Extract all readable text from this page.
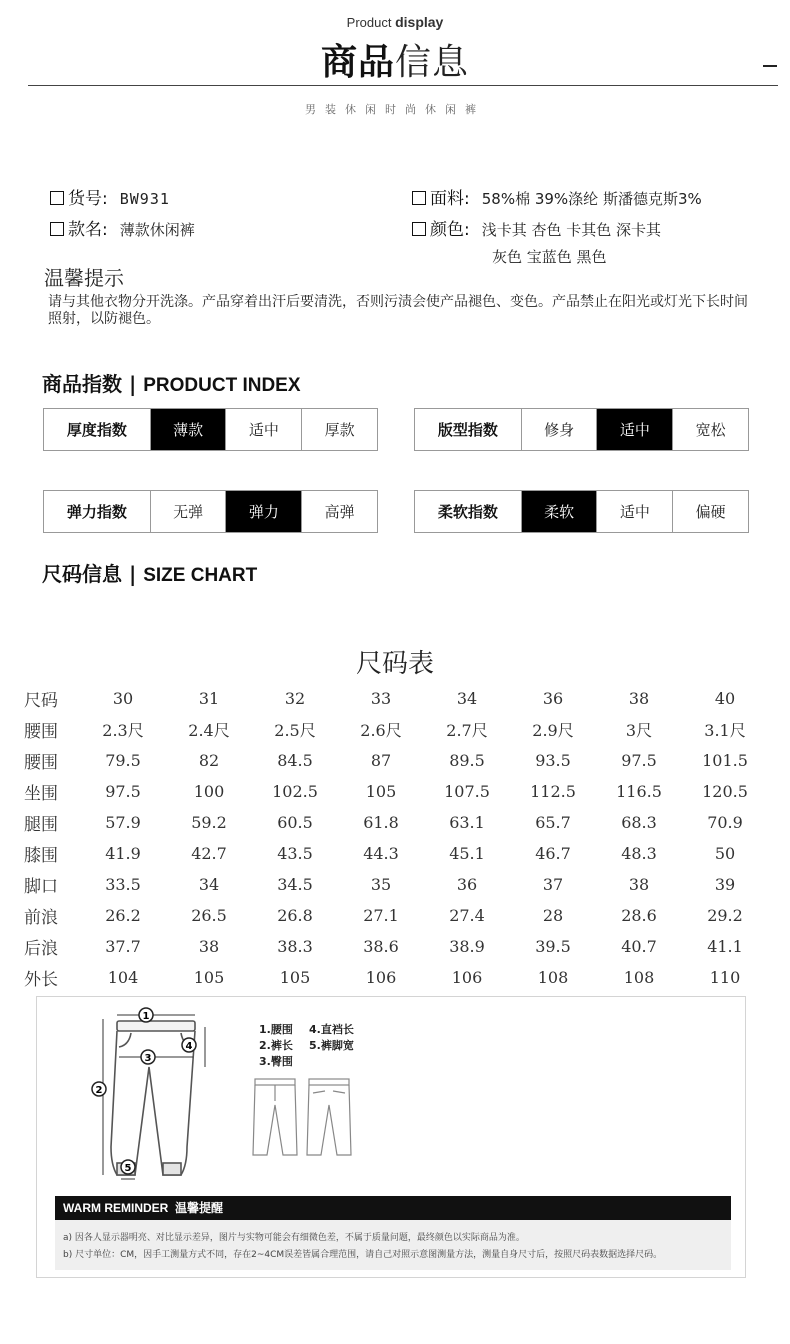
Product display
商品信息
男装休闲时尚休闲裤
货号: BW931
款名: 薄款休闲裤
面料: 58%棉 39%涤纶 斯潘德克斯3%
颜色: 浅卡其 杏色 卡其色 深卡其
灰色 宝蓝色 黑色
温馨提示
请与其他衣物分开洗涤。产品穿着出汗后要清洗，否则污渍会使产品褪色、变色。产品禁止在阳光或灯光下长时间照射，以防褪色。
商品指数 | PRODUCT INDEX
厚度指数	薄款	适中	厚款	版型指数	修身	适中	宽松
弹力指数	无弹	弹力	高弹	柔软指数	柔软	适中	偏硬
尺码信息 | SIZE CHART
尺码表
尺码	30	31	32	33	34	36	38	40
腰围	2.3尺	2.4尺	2.5尺	2.6尺	2.7尺	2.9尺	3尺	3.1尺
腰围	79.5	82	84.5	87	89.5	93.5	97.5	101.5
坐围	97.5	100	102.5	105	107.5	112.5	116.5	120.5
腿围	57.9	59.2	60.5	61.8	63.1	65.7	68.3	70.9
膝围	41.9	42.7	43.5	44.3	45.1	46.7	48.3	50
脚口	33.5	34	34.5	35	36	37	38	39
前浪	26.2	26.5	26.8	27.1	27.4	28	28.6	29.2
后浪	37.7	38	38.3	38.6	38.9	39.5	40.7	41.1
外长	104	105	105	106	106	108	108	110
1
2
3
4
5
1.腰围 4.直裆长
2.裤长 5.裤脚宽
3.臀围
WARM REMINDER 温馨提醒
a) 因各人显示器明亮、对比显示差异，图片与实物可能会有细微色差，不属于质量问题，最终颜色以实际商品为准。
b) 尺寸单位：CM，因手工测量方式不同，存在2~4CM误差皆属合理范围，请自己对照示意图测量方法，测量自身尺寸后，按照尺码表数据选择尺码。
